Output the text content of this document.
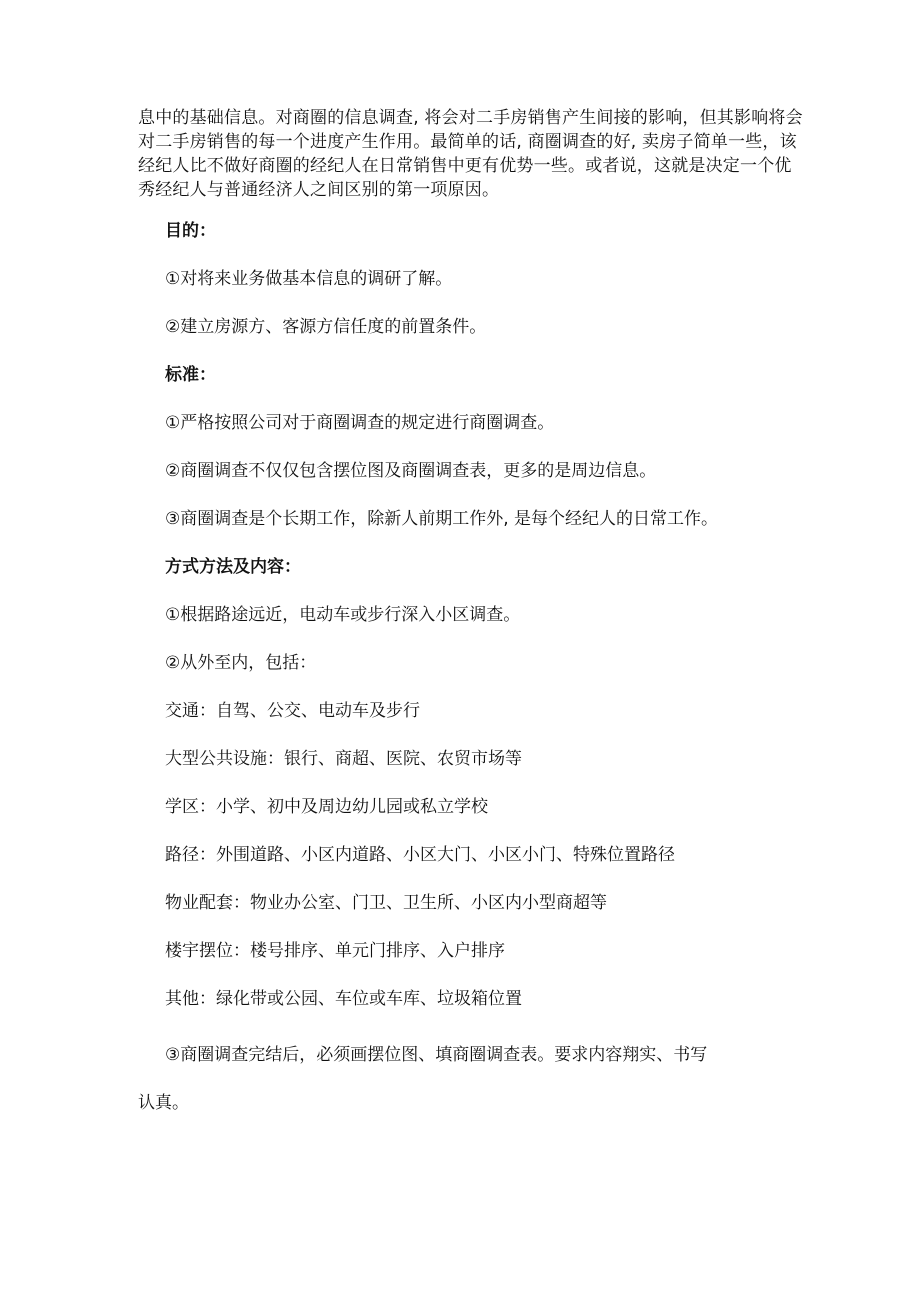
息中的基础信息。对商圈的信息调查, 将会对二手房销售产生间接的影响，但其影响将会
对二手房销售的每一个进度产生作用。最简单的话, 商圈调查的好, 卖房子简单一些，该
经纪人比不做好商圈的经纪人在日常销售中更有优势一些。或者说，这就是决定一个优
秀经纪人与普通经济人之间区别的第一项原因。
目的：
①对将来业务做基本信息的调研了解。
②建立房源方、客源方信任度的前置条件。
标准：
①严格按照公司对于商圈调查的规定进行商圈调查。
②商圈调查不仅仅包含摆位图及商圈调查表，更多的是周边信息。
③商圈调查是个长期工作，除新人前期工作外, 是每个经纪人的日常工作。
方式方法及内容：
①根据路途远近，电动车或步行深入小区调查。
②从外至内，包括：
交通：自驾、公交、电动车及步行
大型公共设施：银行、商超、医院、农贸市场等
学区：小学、初中及周边幼儿园或私立学校
路径：外围道路、小区内道路、小区大门、小区小门、特殊位置路径
物业配套：物业办公室、门卫、卫生所、小区内小型商超等
楼宇摆位：楼号排序、单元门排序、入户排序
其他：绿化带或公园、车位或车库、垃圾箱位置
③商圈调查完结后，必须画摆位图、填商圈调查表。要求内容翔实、书写
认真。
